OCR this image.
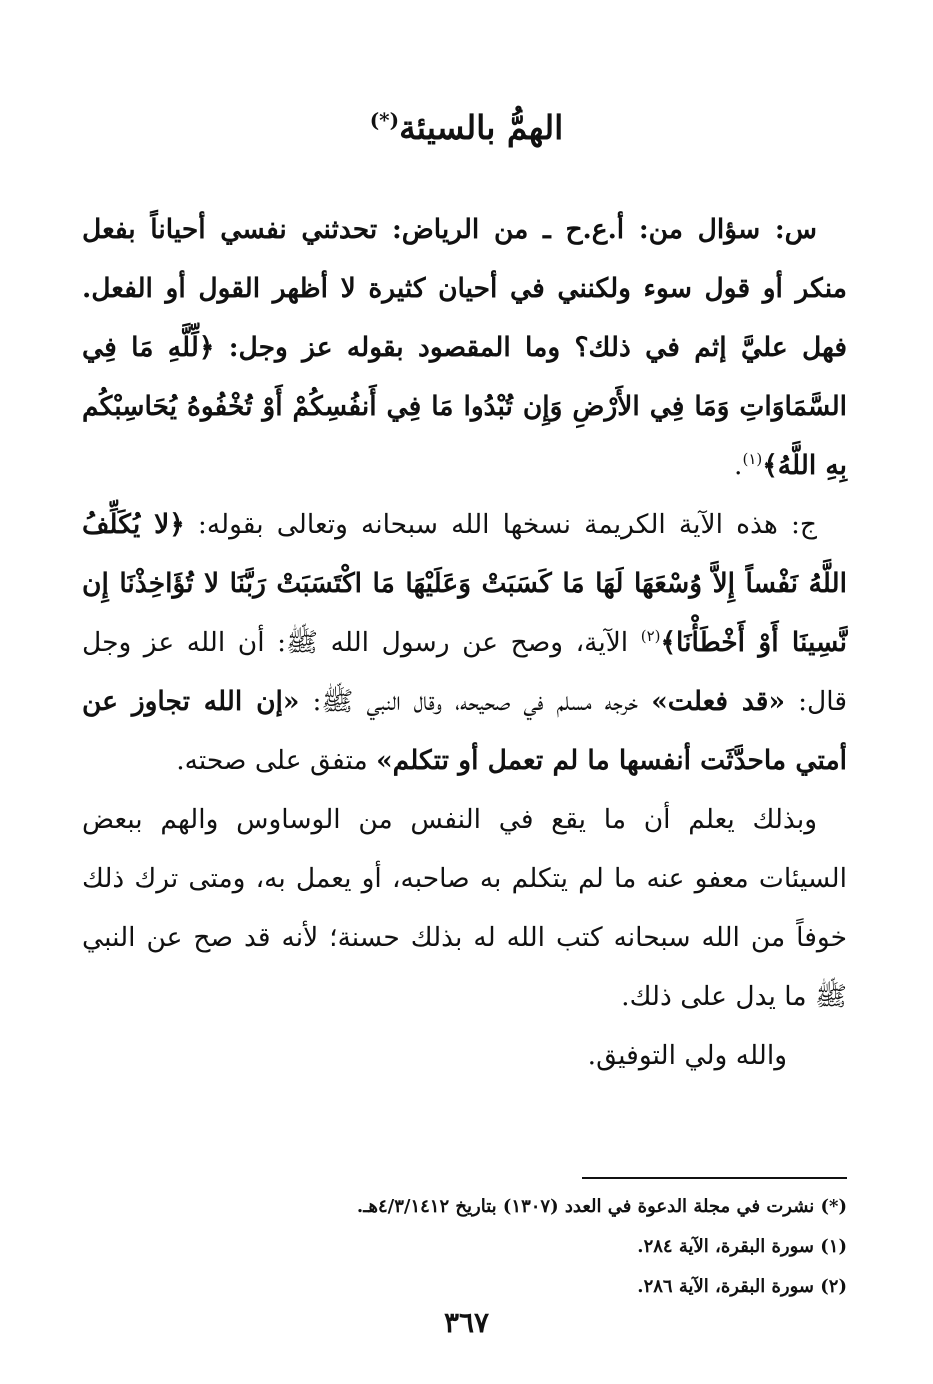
الهمُّ بالسيئة(*)

س: سؤال من: أ.ع.ح ـ من الرياض: تحدثني نفسي أحياناً بفعل منكر أو قول سوء ولكنني في أحيان كثيرة لا أظهر القول أو الفعل. فهل عليَّ إثم في ذلك؟ وما المقصود بقوله عز وجل: ﴿لِّلَّهِ مَا فِي السَّمَاوَاتِ وَمَا فِي الأَرْضِ وَإِن تُبْدُوا مَا فِي أَنفُسِكُمْ أَوْ تُخْفُوهُ يُحَاسِبْكُم بِهِ اللَّهُ﴾$^{(١)}$.

ج: هذه الآية الكريمة نسخها الله سبحانه وتعالى بقوله: ﴿لا يُكَلِّفُ اللَّهُ نَفْساً إِلاَّ وُسْعَهَا لَهَا مَا كَسَبَتْ وَعَلَيْهَا مَا اكْتَسَبَتْ رَبَّنَا لا تُؤَاخِذْنَا إِن نَّسِينَا أَوْ أَخْطَأْنَا﴾$^{(٢)}$ الآية، وصح عن رسول الله ﷺ: أن الله عز وجل قال: «قد فعلت» خرجه مسلم في صحيحه، وقال النبي ﷺ: «إن الله تجاوز عن أمتي ماحدَّثَت أنفسها ما لم تعمل أو تتكلم» متفق على صحته.

وبذلك يعلم أن ما يقع في النفس من الوساوس والهم ببعض السيئات معفو عنه ما لم يتكلم به صاحبه، أو يعمل به، ومتى ترك ذلك خوفاً من الله سبحانه كتب الله له بذلك حسنة؛ لأنه قد صح عن النبي ﷺ ما يدل على ذلك.

والله ولي التوفيق.

(*) نشرت في مجلة الدعوة في العدد (١٣٠٧) بتاريخ ٤/٣/١٤١٢هـ.
(١) سورة البقرة، الآية ٢٨٤.
(٢) سورة البقرة، الآية ٢٨٦.
٣٦٧
